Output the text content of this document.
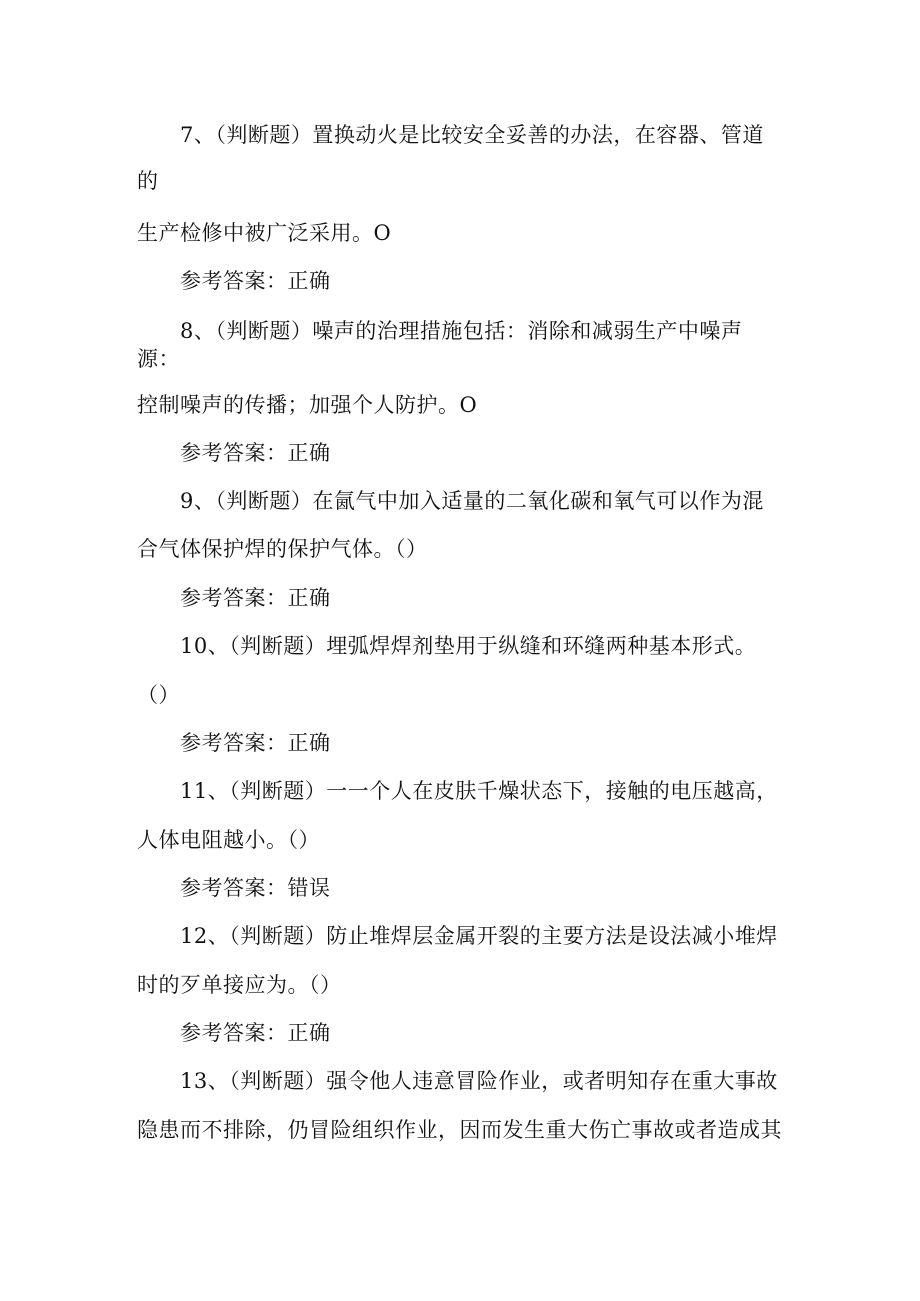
7、（判断题）置换动火是比较安全妥善的办法，在容器、管道
的
生产检修中被广泛采用。O
参考答案：正确
8、（判断题）噪声的治理措施包括：消除和减弱生产中噪声
源：
控制噪声的传播；加强个人防护。O
参考答案：正确
9、（判断题）在氤气中加入适量的二氧化碳和氧气可以作为混
合气体保护焊的保护气体。（）
参考答案：正确
10、（判断题）埋弧焊焊剂垫用于纵缝和环缝两种基本形式。
（）
参考答案：正确
11、（判断题）一一个人在皮肤千燥状态下，接触的电压越高，
人体电阻越小。（）
参考答案：错误
12、（判断题）防止堆焊层金属开裂的主要方法是设法减小堆焊
时的歹单接应为。（）
参考答案：正确
13、（判断题）强令他人违意冒险作业，或者明知存在重大事故
隐患而不排除，仍冒险组织作业，因而发生重大伤亡事故或者造成其
